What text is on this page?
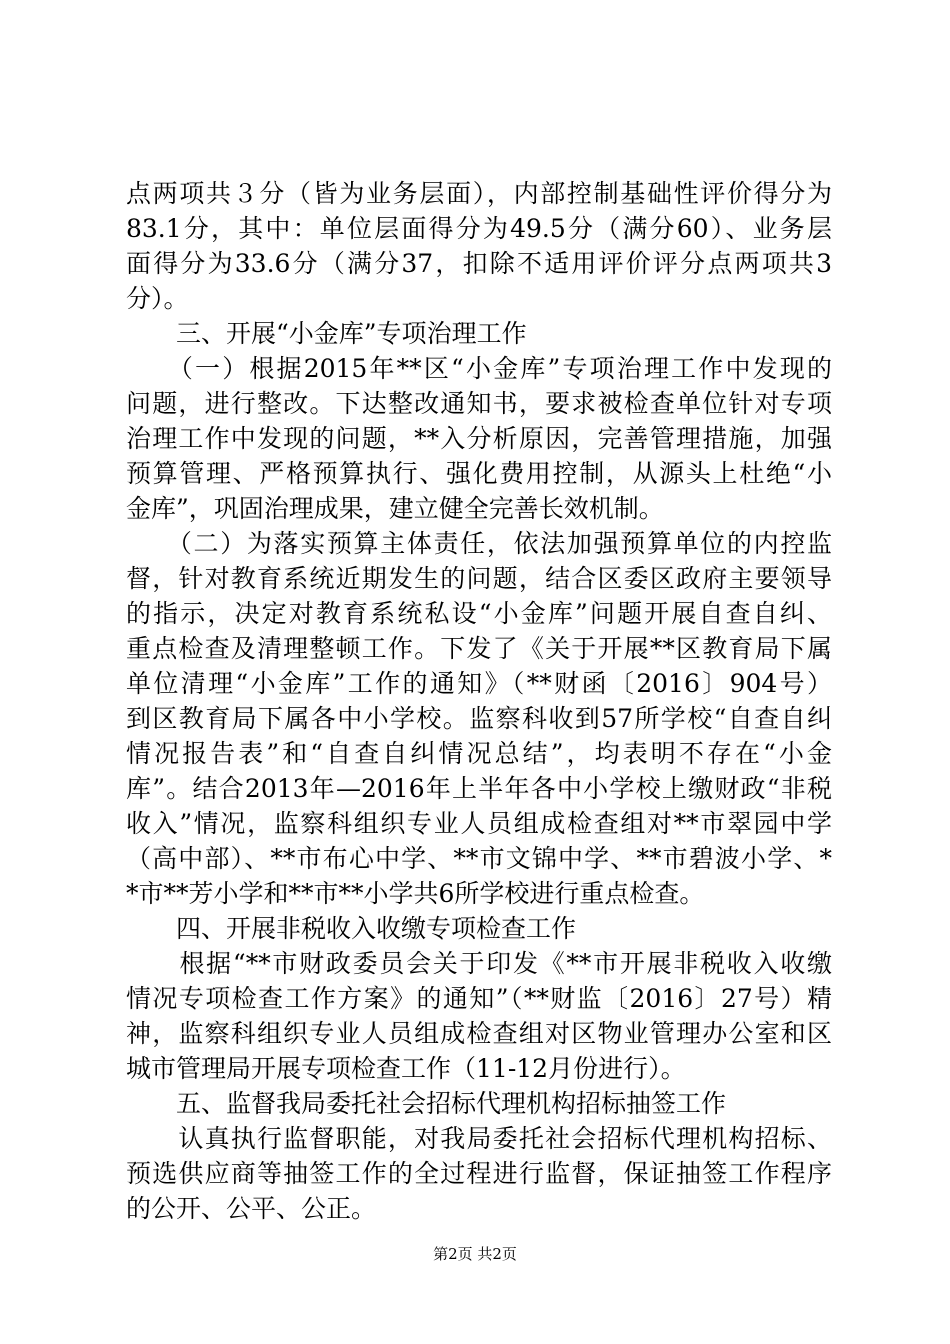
点两项共３分（皆为业务层面），内部控制基础性评价得分为
83.1分，其中：单位层面得分为49.5分（满分60）、业务层
面得分为33.6分（满分37，扣除不适用评价评分点两项共3
分）。
　　三、开展“小金库”专项治理工作
　　（一）根据2015年**区“小金库”专项治理工作中发现的
问题，进行整改。下达整改通知书，要求被检查单位针对专项
治理工作中发现的问题，**入分析原因，完善管理措施，加强
预算管理、严格预算执行、强化费用控制，从源头上杜绝“小
金库”，巩固治理成果，建立健全完善长效机制。
　　（二）为落实预算主体责任，依法加强预算单位的内控监
督，针对教育系统近期发生的问题，结合区委区政府主要领导
的指示，决定对教育系统私设“小金库”问题开展自查自纠、
重点检查及清理整顿工作。下发了《关于开展**区教育局下属
单位清理“小金库”工作的通知》（**财函〔2016〕904号）
到区教育局下属各中小学校。监察科收到57所学校“自查自纠
情况报告表”和“自查自纠情况总结”，均表明不存在“小金
库”。结合2013年—2016年上半年各中小学校上缴财政“非税
收入”情况，监察科组织专业人员组成检查组对**市翠园中学
（高中部）、**市布心中学、**市文锦中学、**市碧波小学、*
*市**芳小学和**市**小学共6所学校进行重点检查。
　　四、开展非税收入收缴专项检查工作
　　根据“**市财政委员会关于印发《**市开展非税收入收缴
情况专项检查工作方案》的通知”（**财监〔2016〕27号）精
神，监察科组织专业人员组成检查组对区物业管理办公室和区
城市管理局开展专项检查工作（11-12月份进行）。
　　五、监督我局委托社会招标代理机构招标抽签工作
　　认真执行监督职能，对我局委托社会招标代理机构招标、
预选供应商等抽签工作的全过程进行监督，保证抽签工作程序
的公开、公平、公正。
第2页 共2页
